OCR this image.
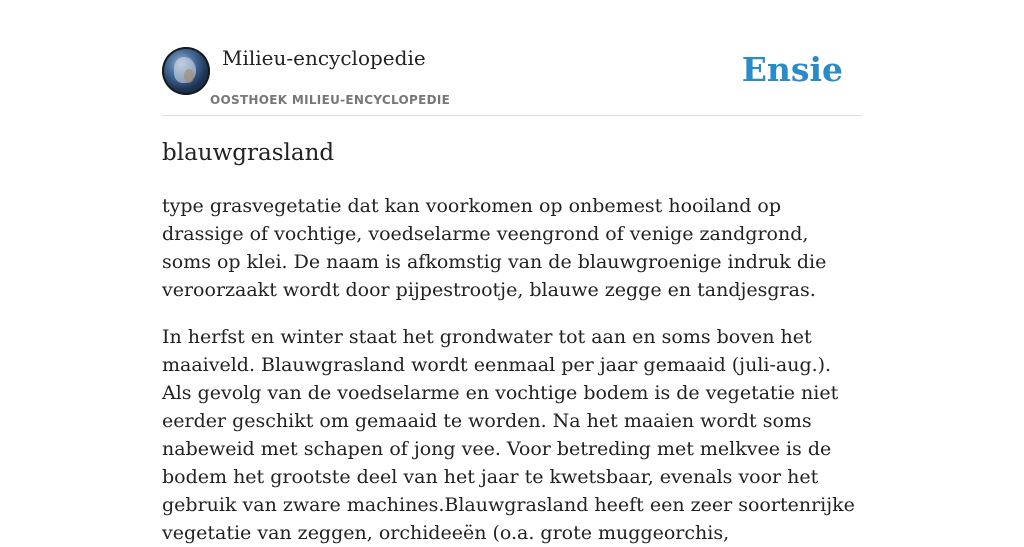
Milieu-encyclopedie
OOSTHOEK MILIEU-ENCYCLOPEDIE
Ensie
blauwgrasland

type grasvegetatie dat kan voorkomen op onbemest hooiland op drassige of vochtige, voedselarme veengrond of venige zandgrond, soms op klei. De naam is afkomstig van de blauwgroenige indruk die veroorzaakt wordt door pijpestrootje, blauwe zegge en tandjesgras.

In herfst en winter staat het grondwater tot aan en soms boven het maaiveld. Blauwgrasland wordt eenmaal per jaar gemaaid (juli-aug.). Als gevolg van de voedselarme en vochtige bodem is de vegetatie niet eerder geschikt om gemaaid te worden. Na het maaien wordt soms nabeweid met schapen of jong vee. Voor betreding met melkvee is de bodem het grootste deel van het jaar te kwetsbaar, evenals voor het gebruik van zware machines.Blauwgrasland heeft een zeer soortenrijke vegetatie van zeggen, orchideeën (o.a. grote muggeorchis,
